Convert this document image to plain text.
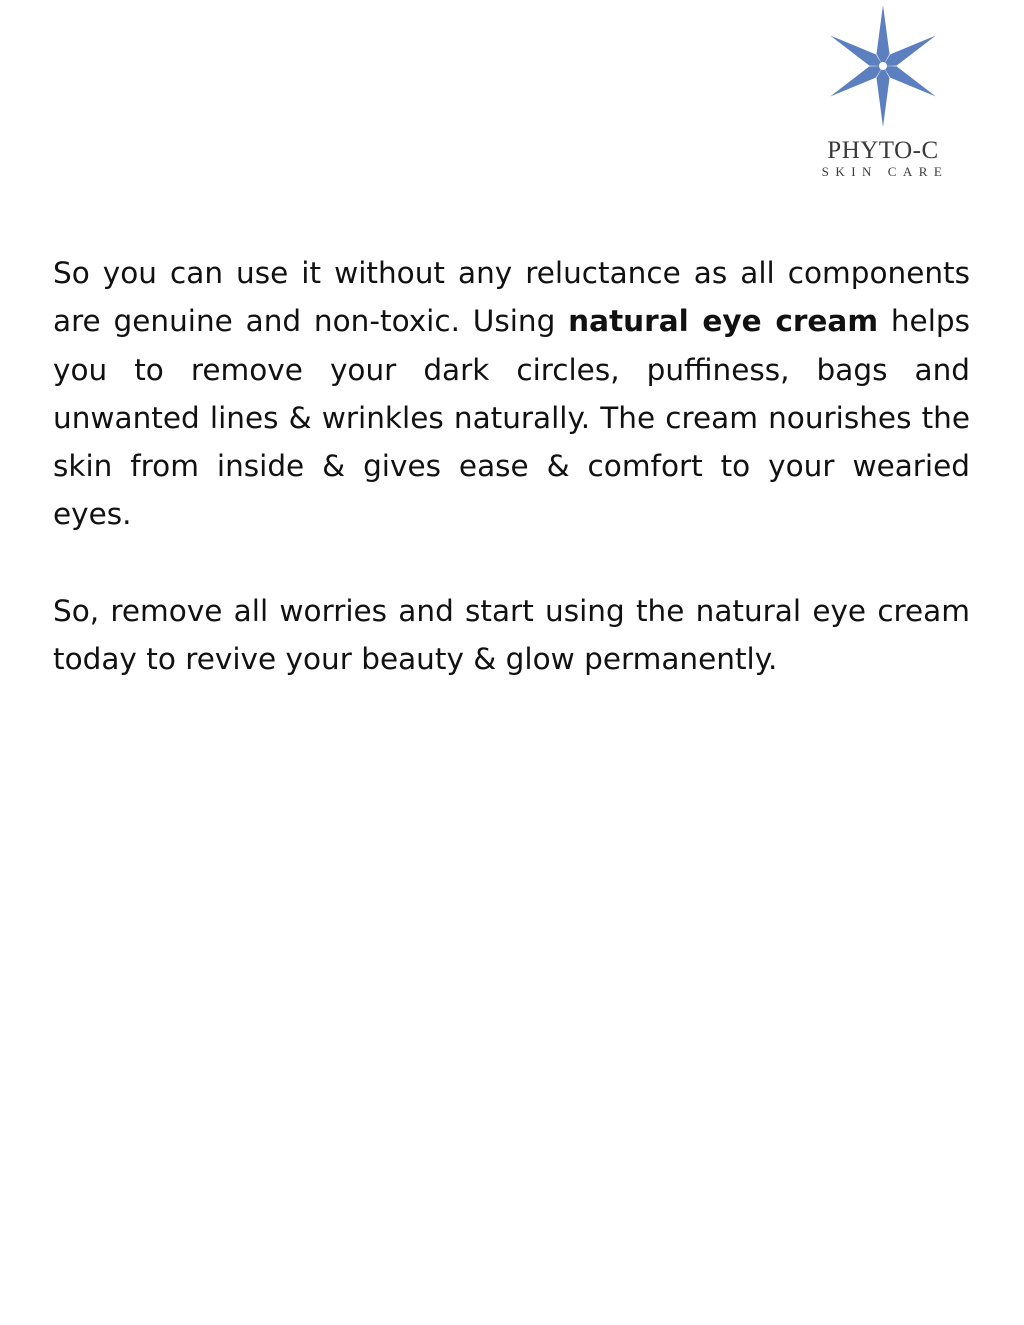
PHYTO-C
SKIN CARE

So you can use it without any reluctance as all components are genuine and non-toxic. Using natural eye cream helps you to remove your dark circles, puffiness, bags and unwanted lines & wrinkles naturally. The cream nourishes the skin from inside & gives ease & comfort to your wearied eyes.

So, remove all worries and start using the natural eye cream today to revive your beauty & glow permanently.
